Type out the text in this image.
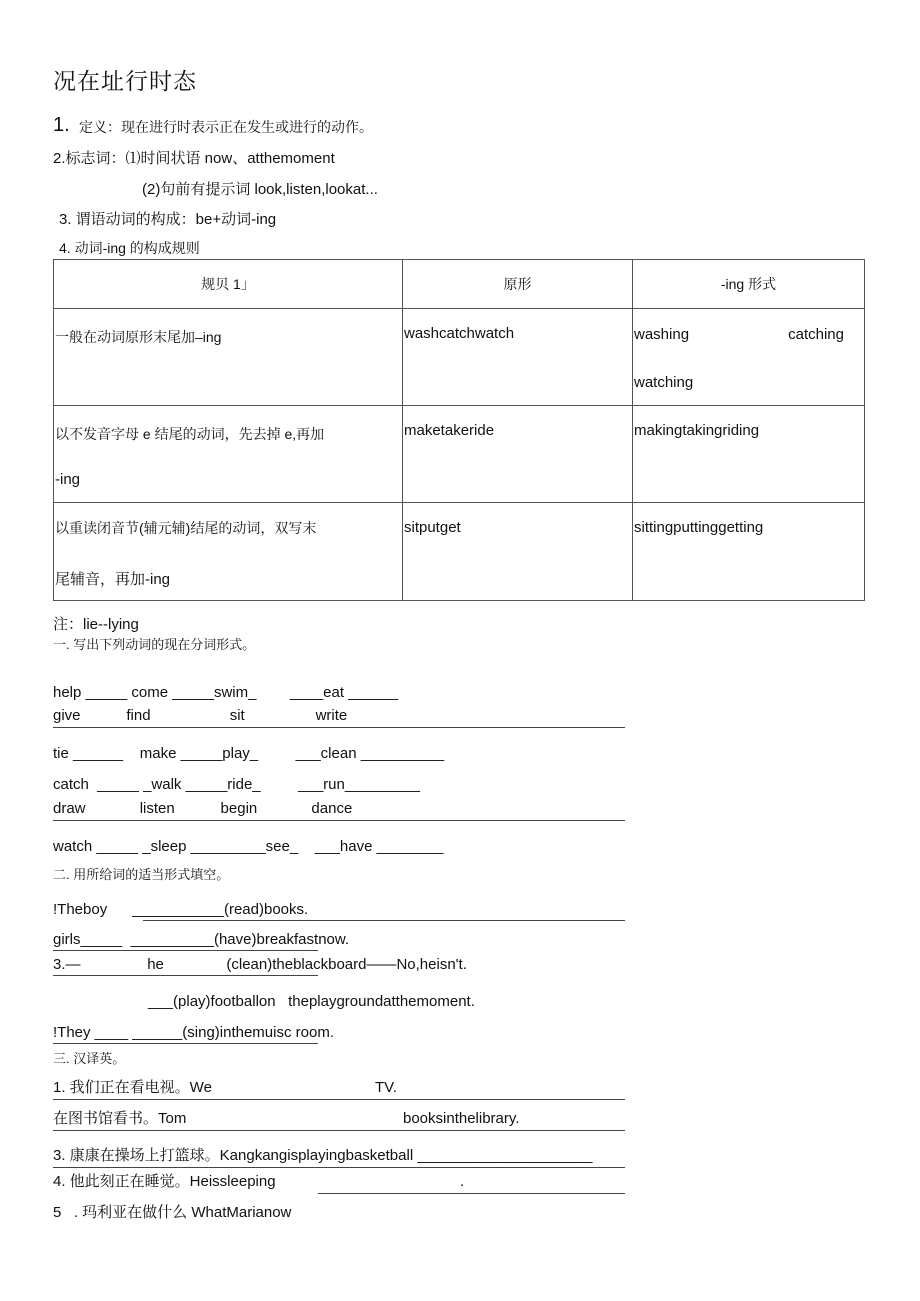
况在址行时态
1. 定义：现在进行时表示正在发生或进行的动作。
2.标志词：⑴时间状语 now、atthemoment
(2)句前有提示词 look,listen,lookat...
3. 谓语动词的构成：be+动词-ing
4. 动词-ing 的构成规则
规贝 1」	原形	-ing 形式

一般在动词原形末尾加–ing	washcatchwatch	washing catching
watching

以不发音字母 e 结尾的动词，先去掉 e,再加
-ing	maketakeride	makingtakingriding

以重读闭音节(辅元辅)结尾的动词，双写末
尾辅音，再加-ing	sitputget	sittingputtinggetting
注：lie--lying
一. 写出下列动词的现在分词形式。
help _____ come _____swim_        ____eat ______
give           find                   sit                 write
tie ______    make _____play_         ___clean __________
catch  _____ _walk _____ride_         ___run_________
draw             listen           begin             dance
watch _____ _sleep _________see_    ___have ________
二. 用所给词的适当形式填空。
!Theboy      ___________(read)books.
girls_____  __________(have)breakfastnow.
3.—                he               (clean)theblackboard——No,heisn't.
___(play)footballon   theplaygroundatthemoment.
!They ____ ______(sing)inthemuisc room.
三. 汉译英。
1. 我们正在看电视。We	TV.
在图书馆看书。Tom	booksinthelibrary.
3. 康康在操场上打篮球。Kangkangisplayingbasketball _____________________
4. 他此刻正在睡觉。Heissleeping	.
5   . 玛利亚在做什么 WhatMarianow
